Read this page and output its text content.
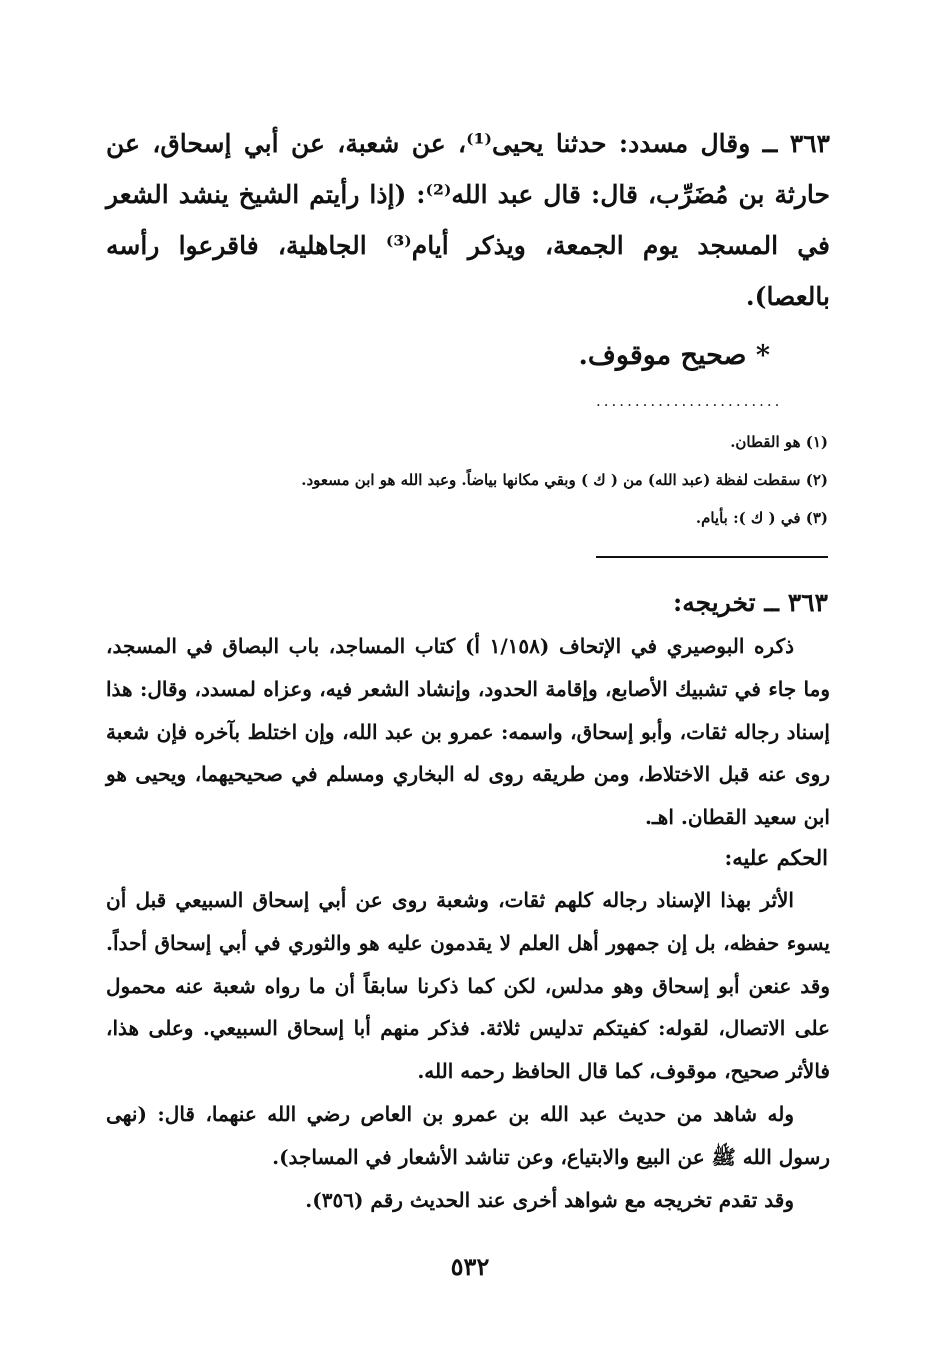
٣٦٣ ــ وقال مسدد: حدثنا يحيى⁽¹⁾، عن شعبة، عن أبي إسحاق، عن حارثة بن مُضَرِّب، قال: قال عبد الله⁽²⁾: (إذا رأيتم الشيخ ينشد الشعر في المسجد يوم الجمعة، ويذكر أيام⁽³⁾ الجاهلية، فاقرعوا رأسه بالعصا).

* صحيح موقوف.
........................
(١) هو القطان.
(٢) سقطت لفظة (عبد الله) من ( ك ) وبقي مكانها بياضاً. وعبد الله هو ابن مسعود.
(٣) في ( ك ): بأيام.
٣٦٣ ــ تخريجه:

ذكره البوصيري في الإتحاف (١/١٥٨ أ) كتاب المساجد، باب البصاق في المسجد، وما جاء في تشبيك الأصابع، وإقامة الحدود، وإنشاد الشعر فيه، وعزاه لمسدد، وقال: هذا إسناد رجاله ثقات، وأبو إسحاق، واسمه: عمرو بن عبد الله، وإن اختلط بآخره فإن شعبة روى عنه قبل الاختلاط، ومن طريقه روى له البخاري ومسلم في صحيحيهما، ويحيى هو ابن سعيد القطان. اهـ.

الحكم عليه:

الأثر بهذا الإسناد رجاله كلهم ثقات، وشعبة روى عن أبي إسحاق السبيعي قبل أن يسوء حفظه، بل إن جمهور أهل العلم لا يقدمون عليه هو والثوري في أبي إسحاق أحداً. وقد عنعن أبو إسحاق وهو مدلس، لكن كما ذكرنا سابقاً أن ما رواه شعبة عنه محمول على الاتصال، لقوله: كفيتكم تدليس ثلاثة. فذكر منهم أبا إسحاق السبيعي. وعلى هذا، فالأثر صحيح، موقوف، كما قال الحافظ رحمه الله.

وله شاهد من حديث عبد الله بن عمرو بن العاص رضي الله عنهما، قال: (نهى رسول الله ﷺ عن البيع والابتياع، وعن تناشد الأشعار في المساجد).

وقد تقدم تخريجه مع شواهد أخرى عند الحديث رقم (٣٥٦).

٥٣٢
